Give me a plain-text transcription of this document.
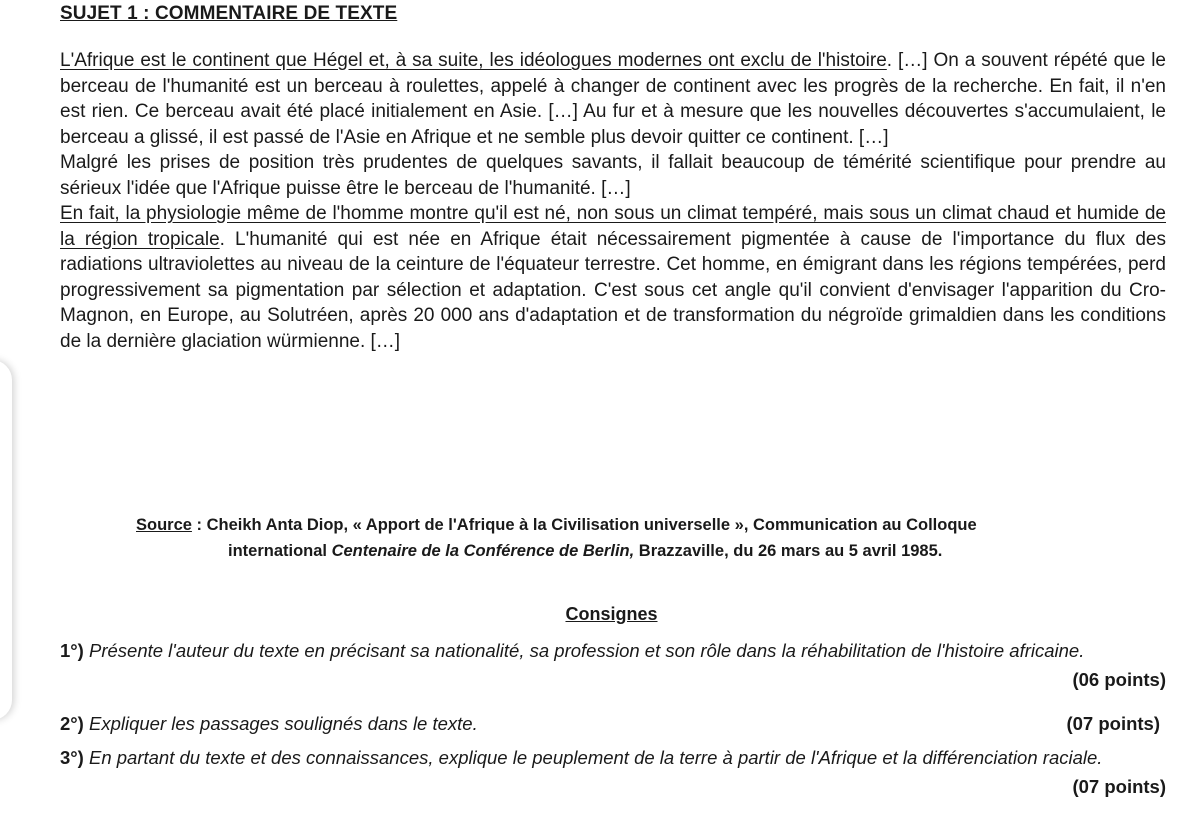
SUJET 1 : COMMENTAIRE DE TEXTE

L'Afrique est le continent que Hégel et, à sa suite, les idéologues modernes ont exclu de l'histoire. […] On a souvent répété que le berceau de l'humanité est un berceau à roulettes, appelé à changer de continent avec les progrès de la recherche. En fait, il n'en est rien. Ce berceau avait été placé initialement en Asie. […] Au fur et à mesure que les nouvelles découvertes s'accumulaient, le berceau a glissé, il est passé de l'Asie en Afrique et ne semble plus devoir quitter ce continent. […]

Malgré les prises de position très prudentes de quelques savants, il fallait beaucoup de témérité scientifique pour prendre au sérieux l'idée que l'Afrique puisse être le berceau de l'humanité. […]

En fait, la physiologie même de l'homme montre qu'il est né, non sous un climat tempéré, mais sous un climat chaud et humide de la région tropicale. L'humanité qui est née en Afrique était nécessairement pigmentée à cause de l'importance du flux des radiations ultraviolettes au niveau de la ceinture de l'équateur terrestre. Cet homme, en émigrant dans les régions tempérées, perd progressivement sa pigmentation par sélection et adaptation. C'est sous cet angle qu'il convient d'envisager l'apparition du Cro-Magnon, en Europe, au Solutréen, après 20 000 ans d'adaptation et de transformation du négroïde grimaldien dans les conditions de la dernière glaciation würmienne. […]

Source : Cheikh Anta Diop, « Apport de l'Afrique à la Civilisation universelle », Communication au Colloque
international Centenaire de la Conférence de Berlin, Brazzaville, du 26 mars au 5 avril 1985.
Consignes
1°) Présente l'auteur du texte en précisant sa nationalité, sa profession et son rôle dans la réhabilitation de l'histoire africaine.
(06 points)
2°) Expliquer les passages soulignés dans le texte.	(07 points)
3°) En partant du texte et des connaissances, explique le peuplement de la terre à partir de l'Afrique et la différenciation raciale.
(07 points)
